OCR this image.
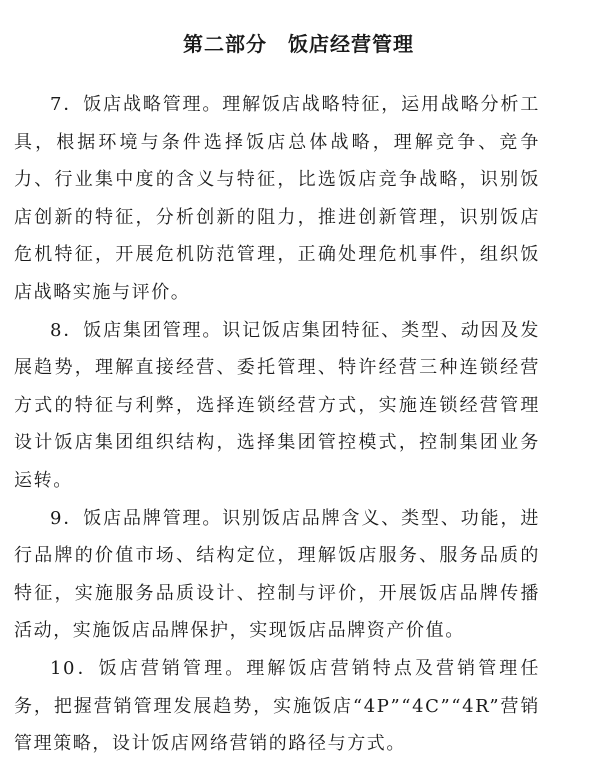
第二部分　饭店经营管理

7．饭店战略管理。理解饭店战略特征，运用战略分析工具，根据环境与条件选择饭店总体战略，理解竞争、竞争力、行业集中度的含义与特征，比选饭店竞争战略，识别饭店创新的特征，分析创新的阻力，推进创新管理，识别饭店危机特征，开展危机防范管理，正确处理危机事件，组织饭店战略实施与评价。

8．饭店集团管理。识记饭店集团特征、类型、动因及发展趋势，理解直接经营、委托管理、特许经营三种连锁经营方式的特征与利弊，选择连锁经营方式，实施连锁经营管理设计饭店集团组织结构，选择集团管控模式，控制集团业务运转。

9．饭店品牌管理。识别饭店品牌含义、类型、功能，进行品牌的价值市场、结构定位，理解饭店服务、服务品质的特征，实施服务品质设计、控制与评价，开展饭店品牌传播活动，实施饭店品牌保护，实现饭店品牌资产价值。

10．饭店营销管理。理解饭店营销特点及营销管理任务，把握营销管理发展趋势，实施饭店“4P”“4C”“4R”营销管理策略，设计饭店网络营销的路径与方式。
